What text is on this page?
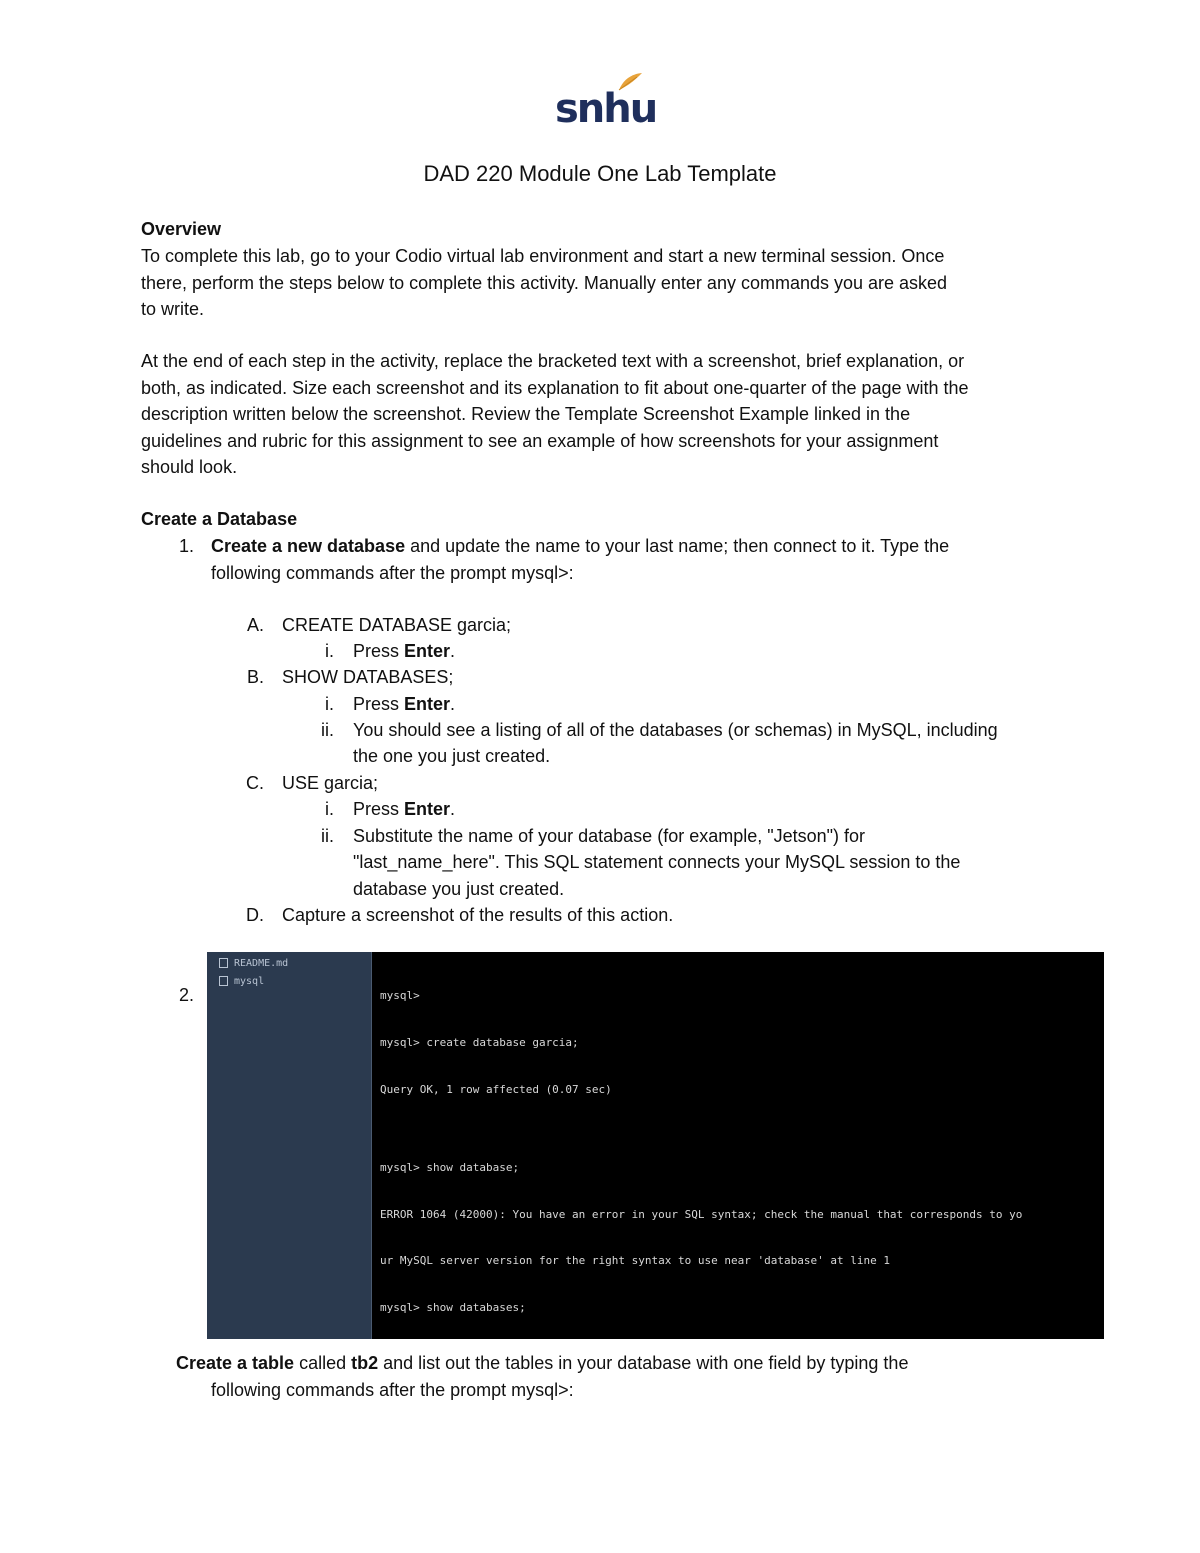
snhu
DAD 220 Module One Lab Template
Overview
To complete this lab, go to your Codio virtual lab environment and start a new terminal session. Once
there, perform the steps below to complete this activity. Manually enter any commands you are asked
to write.
At the end of each step in the activity, replace the bracketed text with a screenshot, brief explanation, or
both, as indicated. Size each screenshot and its explanation to fit about one-quarter of the page with the
description written below the screenshot. Review the Template Screenshot Example linked in the
guidelines and rubric for this assignment to see an example of how screenshots for your assignment
should look.
Create a Database
1. Create a new database and update the name to your last name; then connect to it. Type the
following commands after the prompt mysql>:
A. CREATE DATABASE garcia;
i. Press Enter.
B. SHOW DATABASES;
i. Press Enter.
ii. You should see a listing of all of the databases (or schemas) in MySQL, including
the one you just created.
C. USE garcia;
i. Press Enter.
ii. Substitute the name of your database (for example, "Jetson") for
"last_name_here". This SQL statement connects your MySQL session to the
database you just created.
D. Capture a screenshot of the results of this action.
2.
README.md
mysql

mysql>

mysql> create database garcia;

Query OK, 1 row affected (0.07 sec)

mysql> show database;

ERROR 1064 (42000): You have an error in your SQL syntax; check the manual that corresponds to yo

ur MySQL server version for the right syntax to use near 'database' at line 1

mysql> show databases;

Create a table called tb2 and list out the tables in your database with one field by typing the
following commands after the prompt mysql>:
